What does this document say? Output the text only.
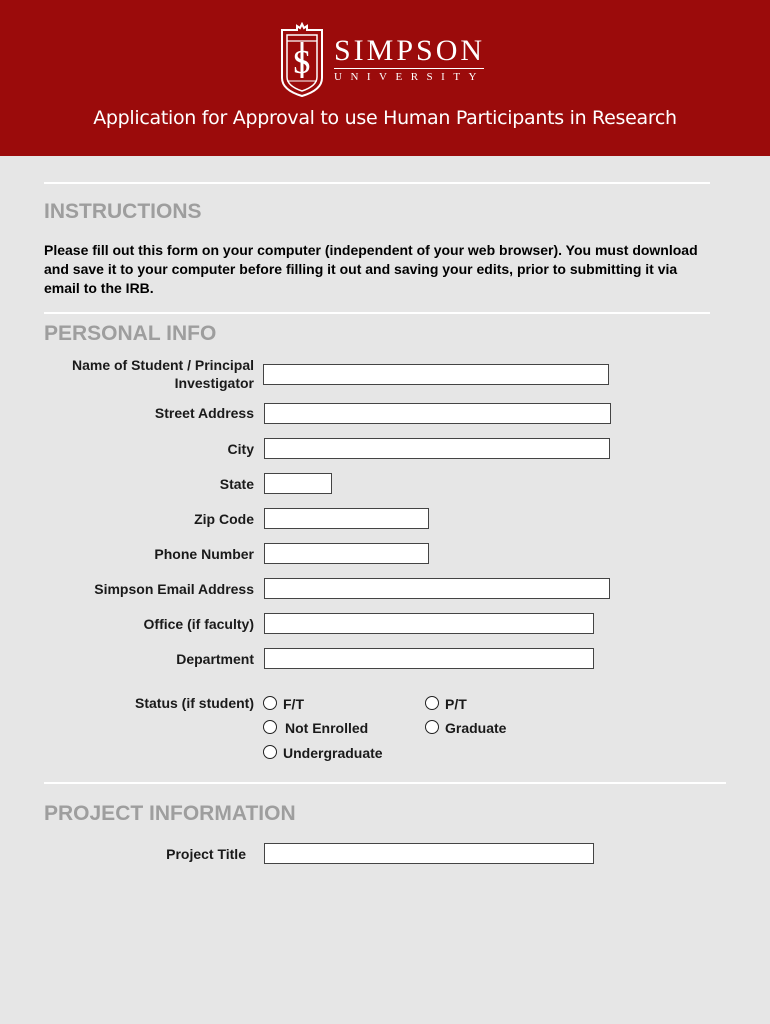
S SIMPSON
UNIVERSITY
Application for Approval to use Human Participants in Research
INSTRUCTIONS
Please fill out this form on your computer (independent of your web browser). You must download and save it to your computer before filling it out and saving your edits, prior to submitting it via email to the IRB.
PERSONAL INFO
Name of Student / Principal
Investigator
Street Address
City
State
Zip Code
Phone Number
Simpson Email Address
Office (if faculty)
Department
Status (if student) F/T	P/T
Not Enrolled	Graduate
Undergraduate
PROJECT INFORMATION
Project Title
